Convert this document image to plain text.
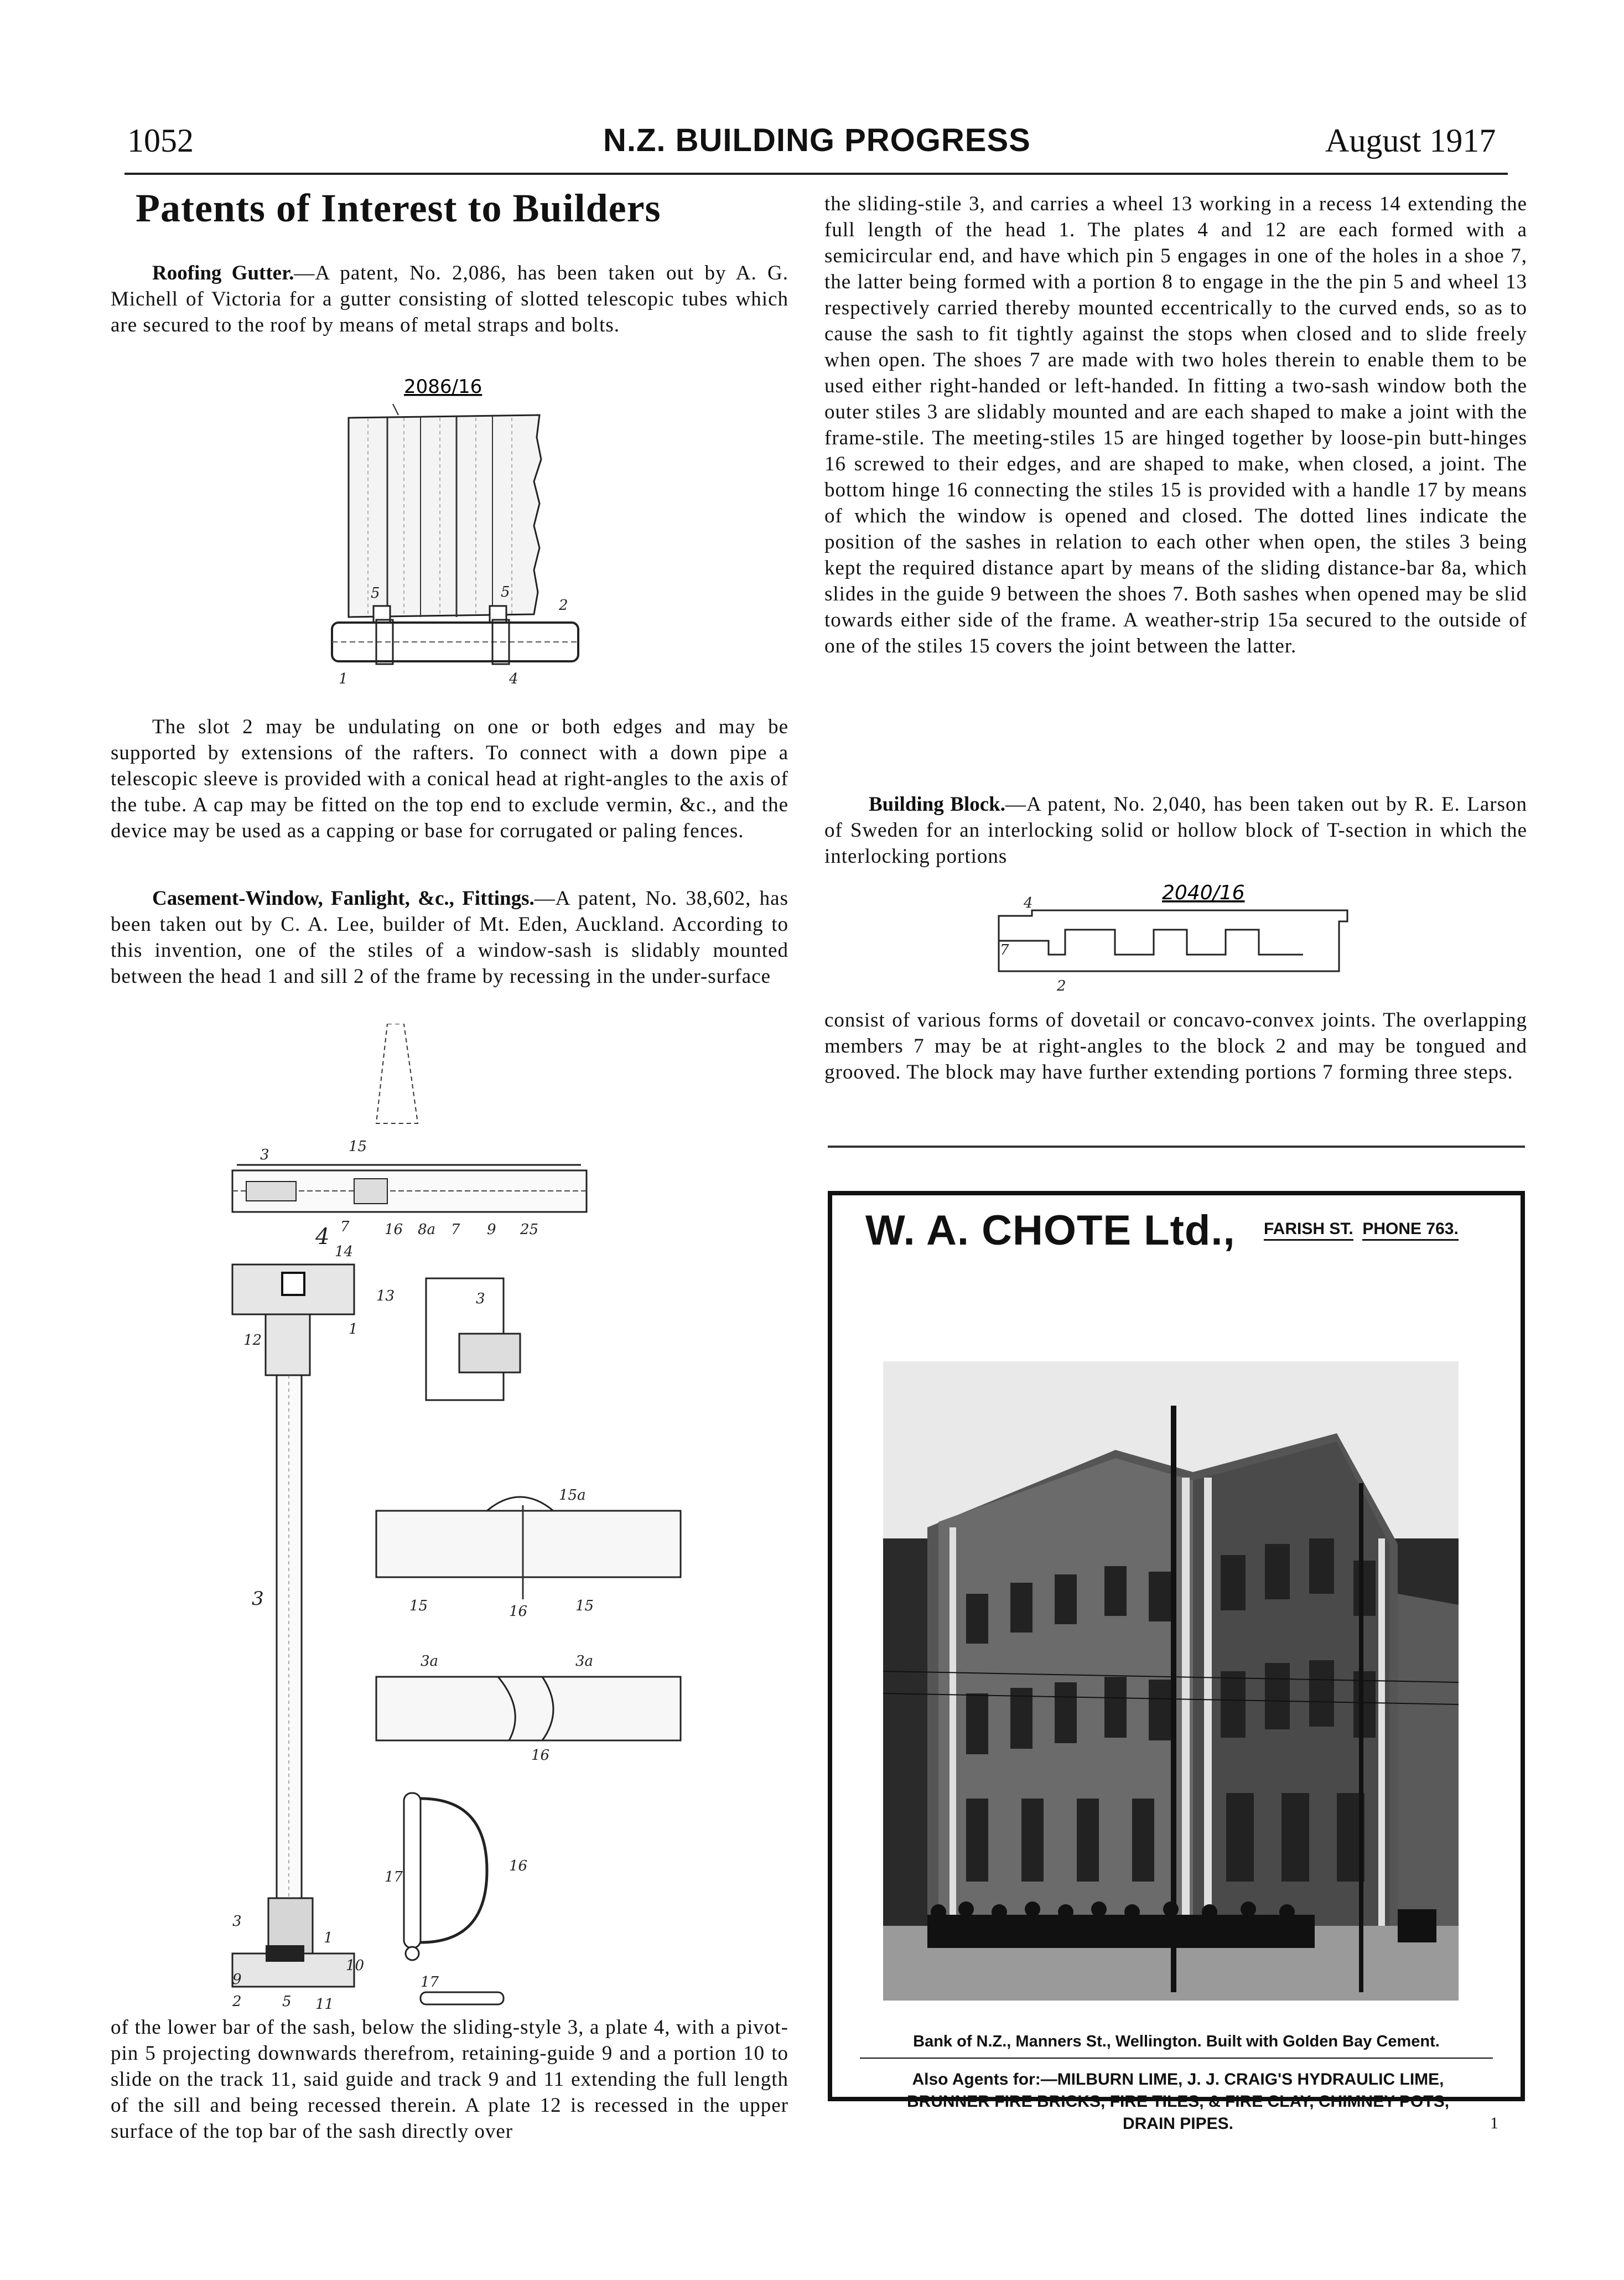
1052	N.Z. BUILDING PROGRESS	August 1917
Patents of Interest to Builders
Roofing Gutter.—A patent, No. 2,086, has been taken out by A. G. Michell of Victoria for a gutter consisting of slotted telescopic tubes which are secured to the roof by means of metal straps and bolts.
2086/16
5	5
2
1	4
The slot 2 may be undulating on one or both edges and may be supported by extensions of the rafters. To connect with a down pipe a telescopic sleeve is provided with a conical head at right-angles to the axis of the tube. A cap may be fitted on the top end to exclude vermin, &c., and the device may be used as a capping or base for corrugated or paling fences.
Casement-Window, Fanlight, &c., Fittings.—A patent, No. 38,602, has been taken out by C. A. Lee, builder of Mt. Eden, Auckland. According to this invention, one of the stiles of a window-sash is slidably mounted between the head 1 and sill 2 of the frame by recessing in the under-surface
3	15
4 7 16 8a 7 9 25
14
13
1
12
3
3
1
2	5 11
10
9
3
15a
15	16	15
3a	3a
16
17
16
17
of the lower bar of the sash, below the sliding-style 3, a plate 4, with a pivot-pin 5 projecting downwards therefrom, retaining-guide 9 and a portion 10 to slide on the track 11, said guide and track 9 and 11 extending the full length of the sill and being recessed therein. A plate 12 is recessed in the upper surface of the top bar of the sash directly over
the sliding-stile 3, and carries a wheel 13 working in a recess 14 extending the full length of the head 1. The plates 4 and 12 are each formed with a semicircular end, and have which pin 5 engages in one of the holes in a shoe 7, the latter being formed with a portion 8 to engage in the the pin 5 and wheel 13 respectively carried thereby mounted eccentrically to the curved ends, so as to cause the sash to fit tightly against the stops when closed and to slide freely when open. The shoes 7 are made with two holes therein to enable them to be used either right-handed or left-handed. In fitting a two-sash window both the outer stiles 3 are slidably mounted and are each shaped to make a joint with the frame-stile. The meeting-stiles 15 are hinged together by loose-pin butt-hinges 16 screwed to their edges, and are shaped to make, when closed, a joint. The bottom hinge 16 connecting the stiles 15 is provided with a handle 17 by means of which the window is opened and closed. The dotted lines indicate the position of the sashes in relation to each other when open, the stiles 3 being kept the required distance apart by means of the sliding distance-bar 8a, which slides in the guide 9 between the shoes 7. Both sashes when opened may be slid towards either side of the frame. A weather-strip 15a secured to the outside of one of the stiles 15 covers the joint between the latter.
Building Block.—A patent, No. 2,040, has been taken out by R. E. Larson of Sweden for an interlocking solid or hollow block of T-section in which the interlocking portions
2040/16
4
7
2
consist of various forms of dovetail or concavo-convex joints. The overlapping members 7 may be at right-angles to the block 2 and may be tongued and grooved. The block may have further extending portions 7 forming three steps.
W. A. CHOTE Ltd., FARISH ST. PHONE 763.
Bank of N.Z., Manners St., Wellington. Built with Golden Bay Cement.
Also Agents for:—MILBURN LIME, J. J. CRAIG'S HYDRAULIC LIME,
BRUNNER FIRE BRICKS, FIRE TILES, & FIRE CLAY, CHIMNEY POTS,
DRAIN PIPES.	1
